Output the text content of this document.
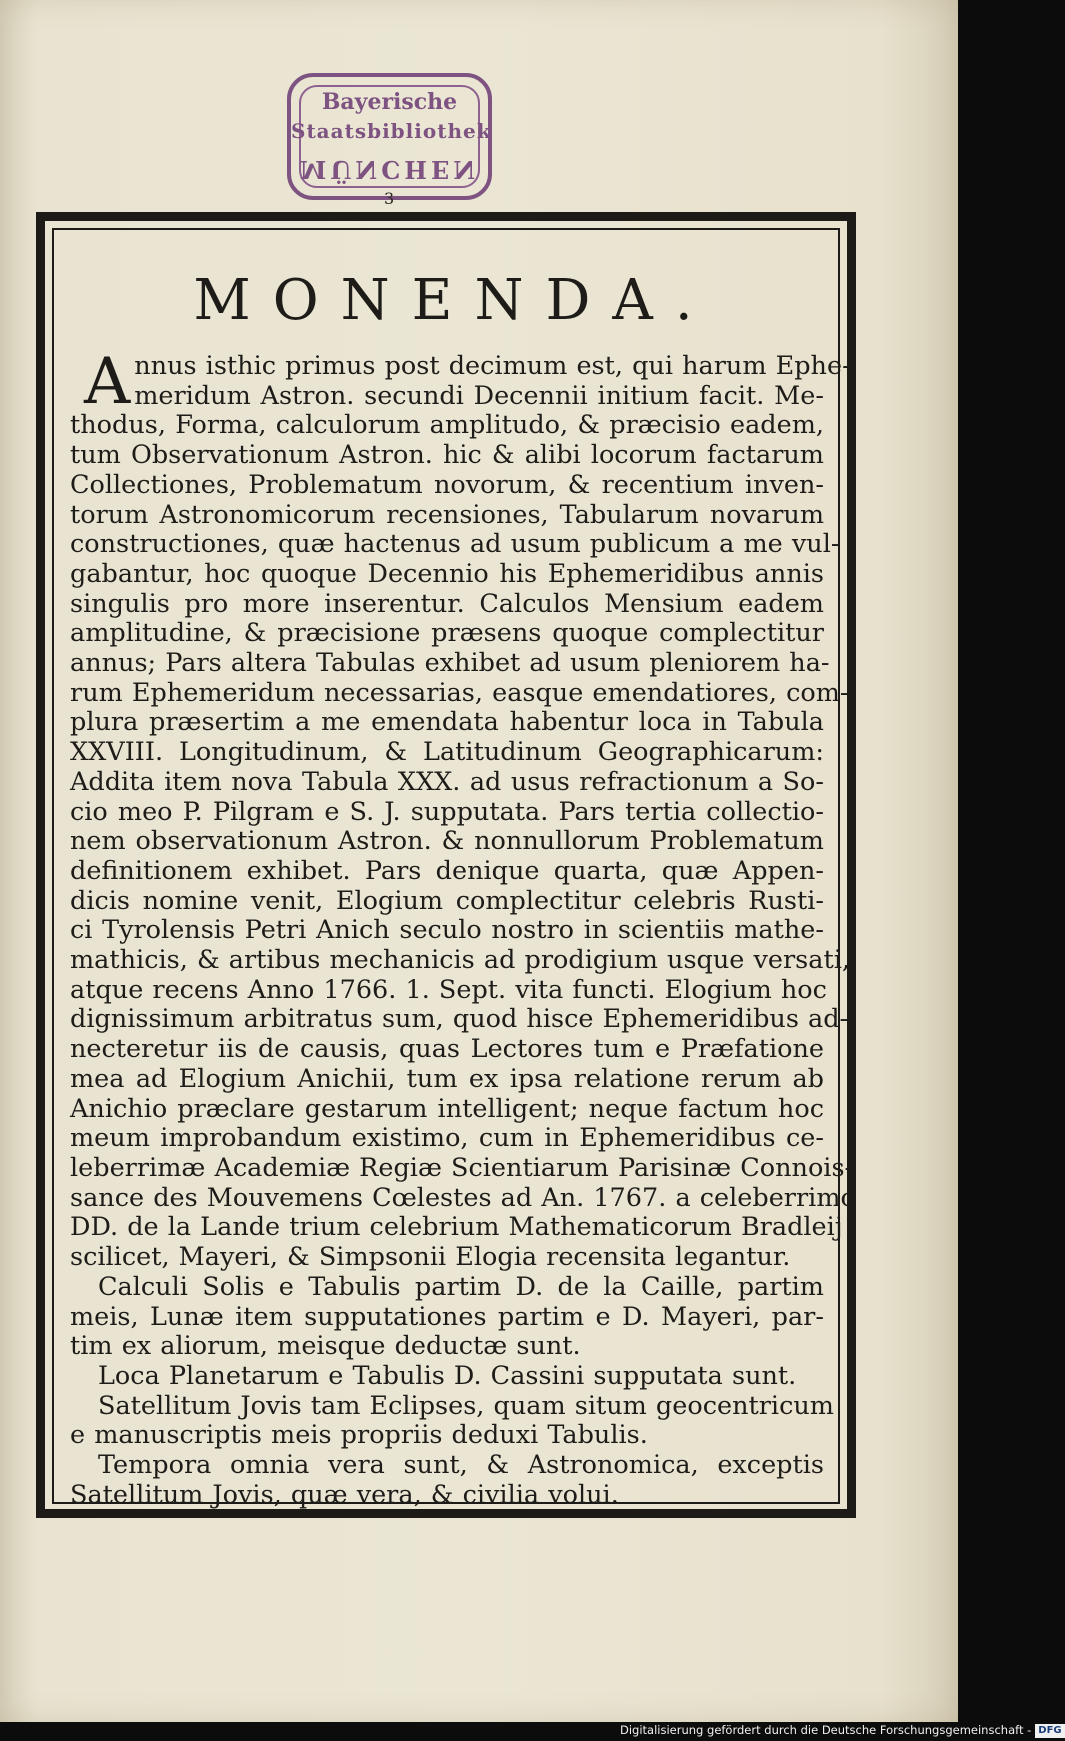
Bayerische
Staatsbibliothek
MÜNCHEN
3
MONENDA.
A nnus isthic primus post decimum est, qui harum Ephe-
meridum Astron. secundi Decennii initium facit. Me-
thodus, Forma, calculorum amplitudo, & præcisio eadem,
tum Observationum Astron. hic & alibi locorum factarum
Collectiones, Problematum novorum, & recentium inven-
torum Astronomicorum recensiones, Tabularum novarum
constructiones, quæ hactenus ad usum publicum a me vul-
gabantur, hoc quoque Decennio his Ephemeridibus annis
singulis pro more inserentur. Calculos Mensium eadem
amplitudine, & præcisione præsens quoque complectitur
annus; Pars altera Tabulas exhibet ad usum pleniorem ha-
rum Ephemeridum necessarias, easque emendatiores, com-
plura præsertim a me emendata habentur loca in Tabula
XXVIII. Longitudinum, & Latitudinum Geographicarum:
Addita item nova Tabula XXX. ad usus refractionum a So-
cio meo P. Pilgram e S. J. supputata. Pars tertia collectio-
nem observationum Astron. & nonnullorum Problematum
definitionem exhibet. Pars denique quarta, quæ Appen-
dicis nomine venit, Elogium complectitur celebris Rusti-
ci Tyrolensis Petri Anich seculo nostro in scientiis mathe-
mathicis, & artibus mechanicis ad prodigium usque versati,
atque recens Anno 1766. 1. Sept. vita functi. Elogium hoc
dignissimum arbitratus sum, quod hisce Ephemeridibus ad-
necteretur iis de causis, quas Lectores tum e Præfatione
mea ad Elogium Anichii, tum ex ipsa relatione rerum ab
Anichio præclare gestarum intelligent; neque factum hoc
meum improbandum existimo, cum in Ephemeridibus ce-
leberrimæ Academiæ Regiæ Scientiarum Parisinæ Connois-
sance des Mouvemens Cœlestes ad An. 1767. a celeberrimo
DD. de la Lande trium celebrium Mathematicorum Bradleij
scilicet, Mayeri, & Simpsonii Elogia recensita legantur.
Calculi Solis e Tabulis partim D. de la Caille, partim
meis, Lunæ item supputationes partim e D. Mayeri, par-
tim ex aliorum, meisque deductæ sunt.
Loca Planetarum e Tabulis D. Cassini supputata sunt.
Satellitum Jovis tam Eclipses, quam situm geocentricum
e manuscriptis meis propriis deduxi Tabulis.
Tempora omnia vera sunt, & Astronomica, exceptis
Satellitum Jovis, quæ vera, & civilia volui.
Digitalisierung gefördert durch die Deutsche Forschungsgemeinschaft - DFG
